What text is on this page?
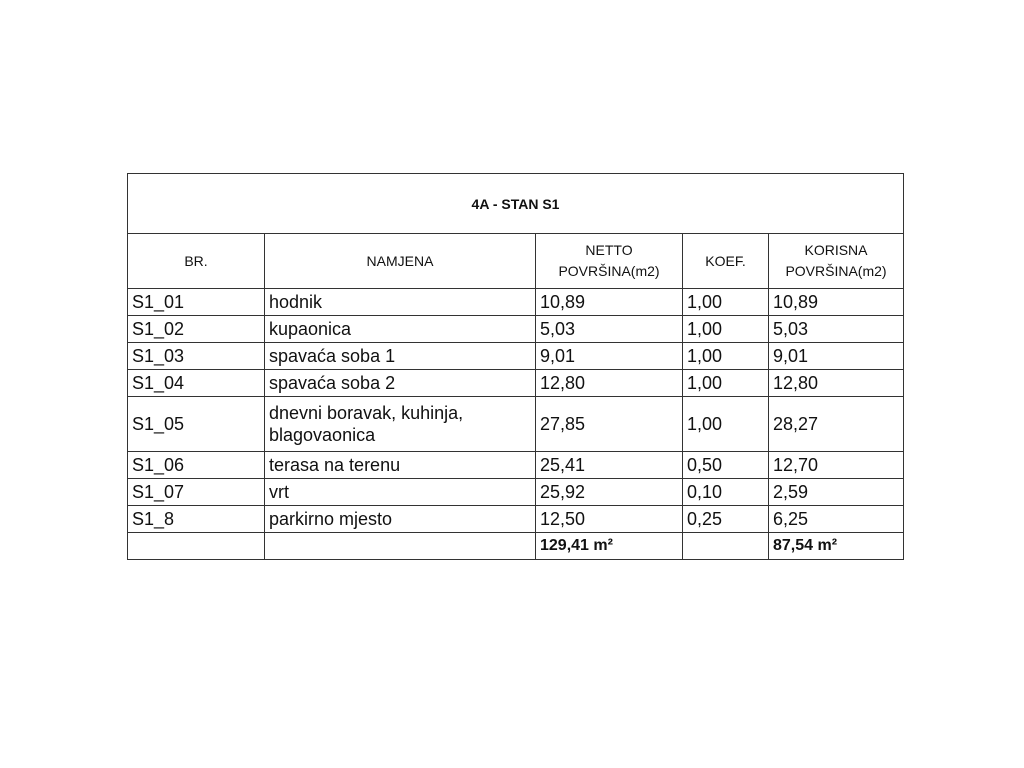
4A - STAN S1				
BR.	NAMJENA	NETTO POVRŠINA(m2)	KOEF.	KORISNA POVRŠINA(m2)
S1_01	hodnik	10,89	1,00	10,89
S1_02	kupaonica	5,03	1,00	5,03
S1_03	spavaća soba 1	9,01	1,00	9,01
S1_04	spavaća soba 2	12,80	1,00	12,80
S1_05	dnevni boravak, kuhinja, blagovaonica	27,85	1,00	28,27
S1_06	terasa na terenu	25,41	0,50	12,70
S1_07	vrt	25,92	0,10	2,59
S1_8	parkirno mjesto	12,50	0,25	6,25
		129,41 m²		87,54 m²
